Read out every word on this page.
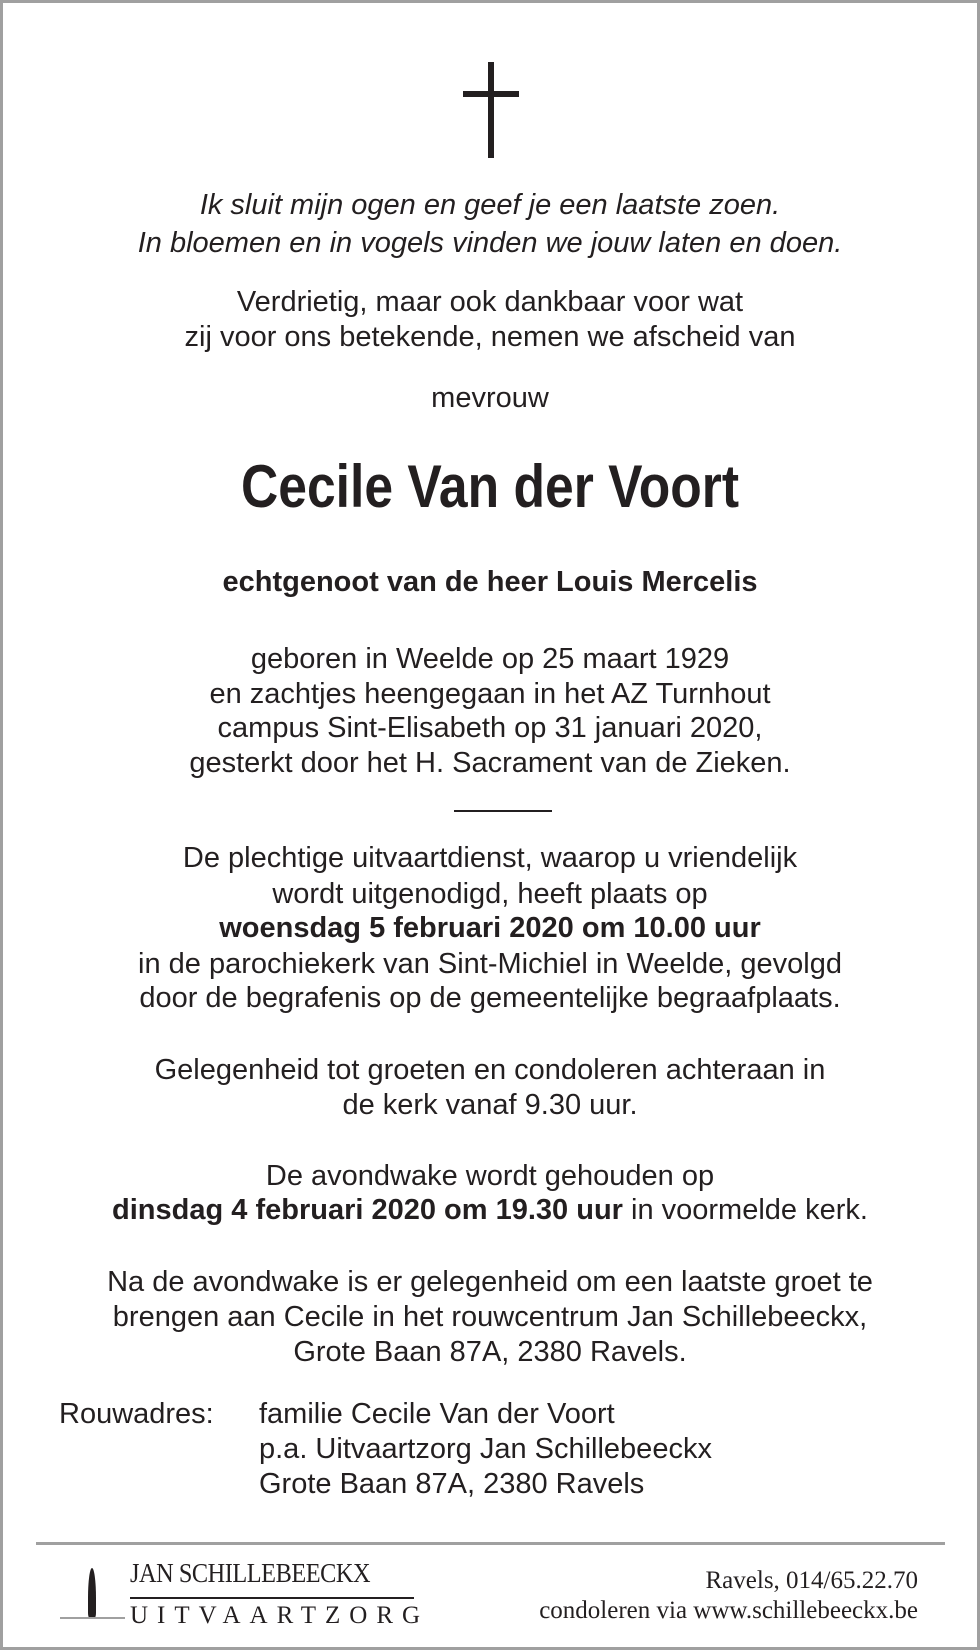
Ik sluit mijn ogen en geef je een laatste zoen.
In bloemen en in vogels vinden we jouw laten en doen.
Verdrietig, maar ook dankbaar voor wat
zij voor ons betekende, nemen we afscheid van
mevrouw
Cecile Van der Voort
echtgenoot van de heer Louis Mercelis
geboren in Weelde op 25 maart 1929
en zachtjes heengegaan in het AZ Turnhout
campus Sint-Elisabeth op 31 januari 2020,
gesterkt door het H. Sacrament van de Zieken.
De plechtige uitvaartdienst, waarop u vriendelijk
wordt uitgenodigd, heeft plaats op
woensdag 5 februari 2020 om 10.00 uur
in de parochiekerk van Sint-Michiel in Weelde, gevolgd
door de begrafenis op de gemeentelijke begraafplaats.
Gelegenheid tot groeten en condoleren achteraan in
de kerk vanaf 9.30 uur.
De avondwake wordt gehouden op
dinsdag 4 februari 2020 om 19.30 uur in voormelde kerk.
Na de avondwake is er gelegenheid om een laatste groet te
brengen aan Cecile in het rouwcentrum Jan Schillebeeckx,
Grote Baan 87A, 2380 Ravels.
Rouwadres: familie Cecile Van der Voort
p.a. Uitvaartzorg Jan Schillebeeckx
Grote Baan 87A, 2380 Ravels
JAN SCHILLEBEECKX
UITVAARTZORG
Ravels, 014/65.22.70
condoleren via www.schillebeeckx.be
